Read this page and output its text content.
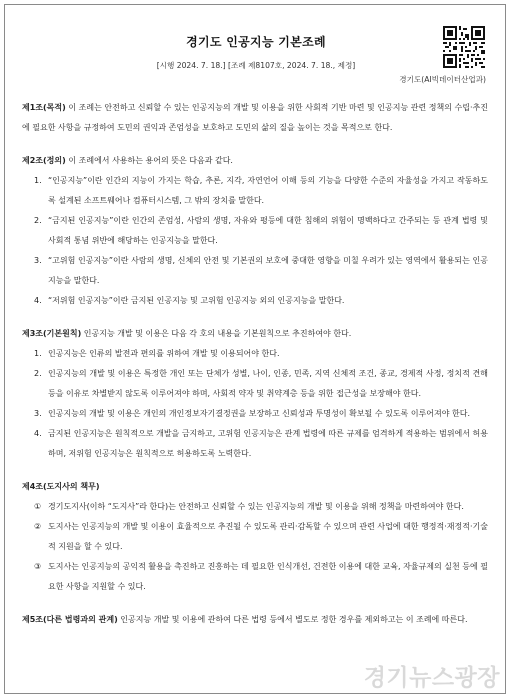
경기도 인공지능 기본조례
[시행 2024. 7. 18.] [조례 제8107호, 2024. 7. 18., 제정]
경기도(AI빅데이터산업과)

제1조(목적) 이 조례는 안전하고 신뢰할 수 있는 인공지능의 개발 및 이용을 위한 사회적 기반 마련 및 인공지능 관련 정책의 수립·추진에 필요한 사항을 규정하여 도민의 권익과 존엄성을 보호하고 도민의 삶의 질을 높이는 것을 목적으로 한다.

제2조(정의) 이 조례에서 사용하는 용어의 뜻은 다음과 같다.

1. “인공지능”이란 인간의 지능이 가지는 학습, 추론, 지각, 자연언어 이해 등의 기능을 다양한 수준의 자율성을 가지고 작동하도록 설계된 소프트웨어나 컴퓨터시스템, 그 밖의 장치를 말한다.
2. “금지된 인공지능”이란 인간의 존엄성, 사람의 생명, 자유와 평등에 대한 침해의 위험이 명백하다고 간주되는 등 관계 법령 및 사회적 통념 위반에 해당하는 인공지능을 말한다.
3. “고위험 인공지능”이란 사람의 생명, 신체의 안전 및 기본권의 보호에 중대한 영향을 미칠 우려가 있는 영역에서 활용되는 인공지능을 말한다.
4. “저위험 인공지능”이란 금지된 인공지능 및 고위험 인공지능 외의 인공지능을 말한다.

제3조(기본원칙) 인공지능 개발 및 이용은 다음 각 호의 내용을 기본원칙으로 추진하여야 한다.

1. 인공지능은 인류의 발전과 편의를 위하여 개발 및 이용되어야 한다.
2. 인공지능의 개발 및 이용은 특정한 개인 또는 단체가 성별, 나이, 인종, 민족, 지역 신체적 조건, 종교, 경제적 사정, 정치적 견해 등을 이유로 차별받지 않도록 이루어져야 하며, 사회적 약자 및 취약계층 등을 위한 접근성을 보장해야 한다.
3. 인공지능의 개발 및 이용은 개인의 개인정보자기결정권을 보장하고 신뢰성과 투명성이 확보될 수 있도록 이루어져야 한다.
4. 금지된 인공지능은 원칙적으로 개발을 금지하고, 고위험 인공지능은 관계 법령에 따른 규제를 엄격하게 적용하는 범위에서 허용하며, 저위험 인공지능은 원칙적으로 허용하도록 노력한다.

제4조(도지사의 책무)

① 경기도지사(이하 “도지사”라 한다)는 안전하고 신뢰할 수 있는 인공지능의 개발 및 이용을 위해 정책을 마련하여야 한다.
② 도지사는 인공지능의 개발 및 이용이 효율적으로 추진될 수 있도록 관리·감독할 수 있으며 관련 사업에 대한 행정적·재정적·기술적 지원을 할 수 있다.
③ 도지사는 인공지능의 공익적 활용을 촉진하고 진흥하는 데 필요한 인식개선, 건전한 이용에 대한 교육, 자율규제의 실천 등에 필요한 사항을 지원할 수 있다.

제5조(다른 법령과의 관계) 인공지능 개발 및 이용에 관하여 다른 법령 등에서 별도로 정한 경우를 제외하고는 이 조례에 따른다.

경기뉴스광장
